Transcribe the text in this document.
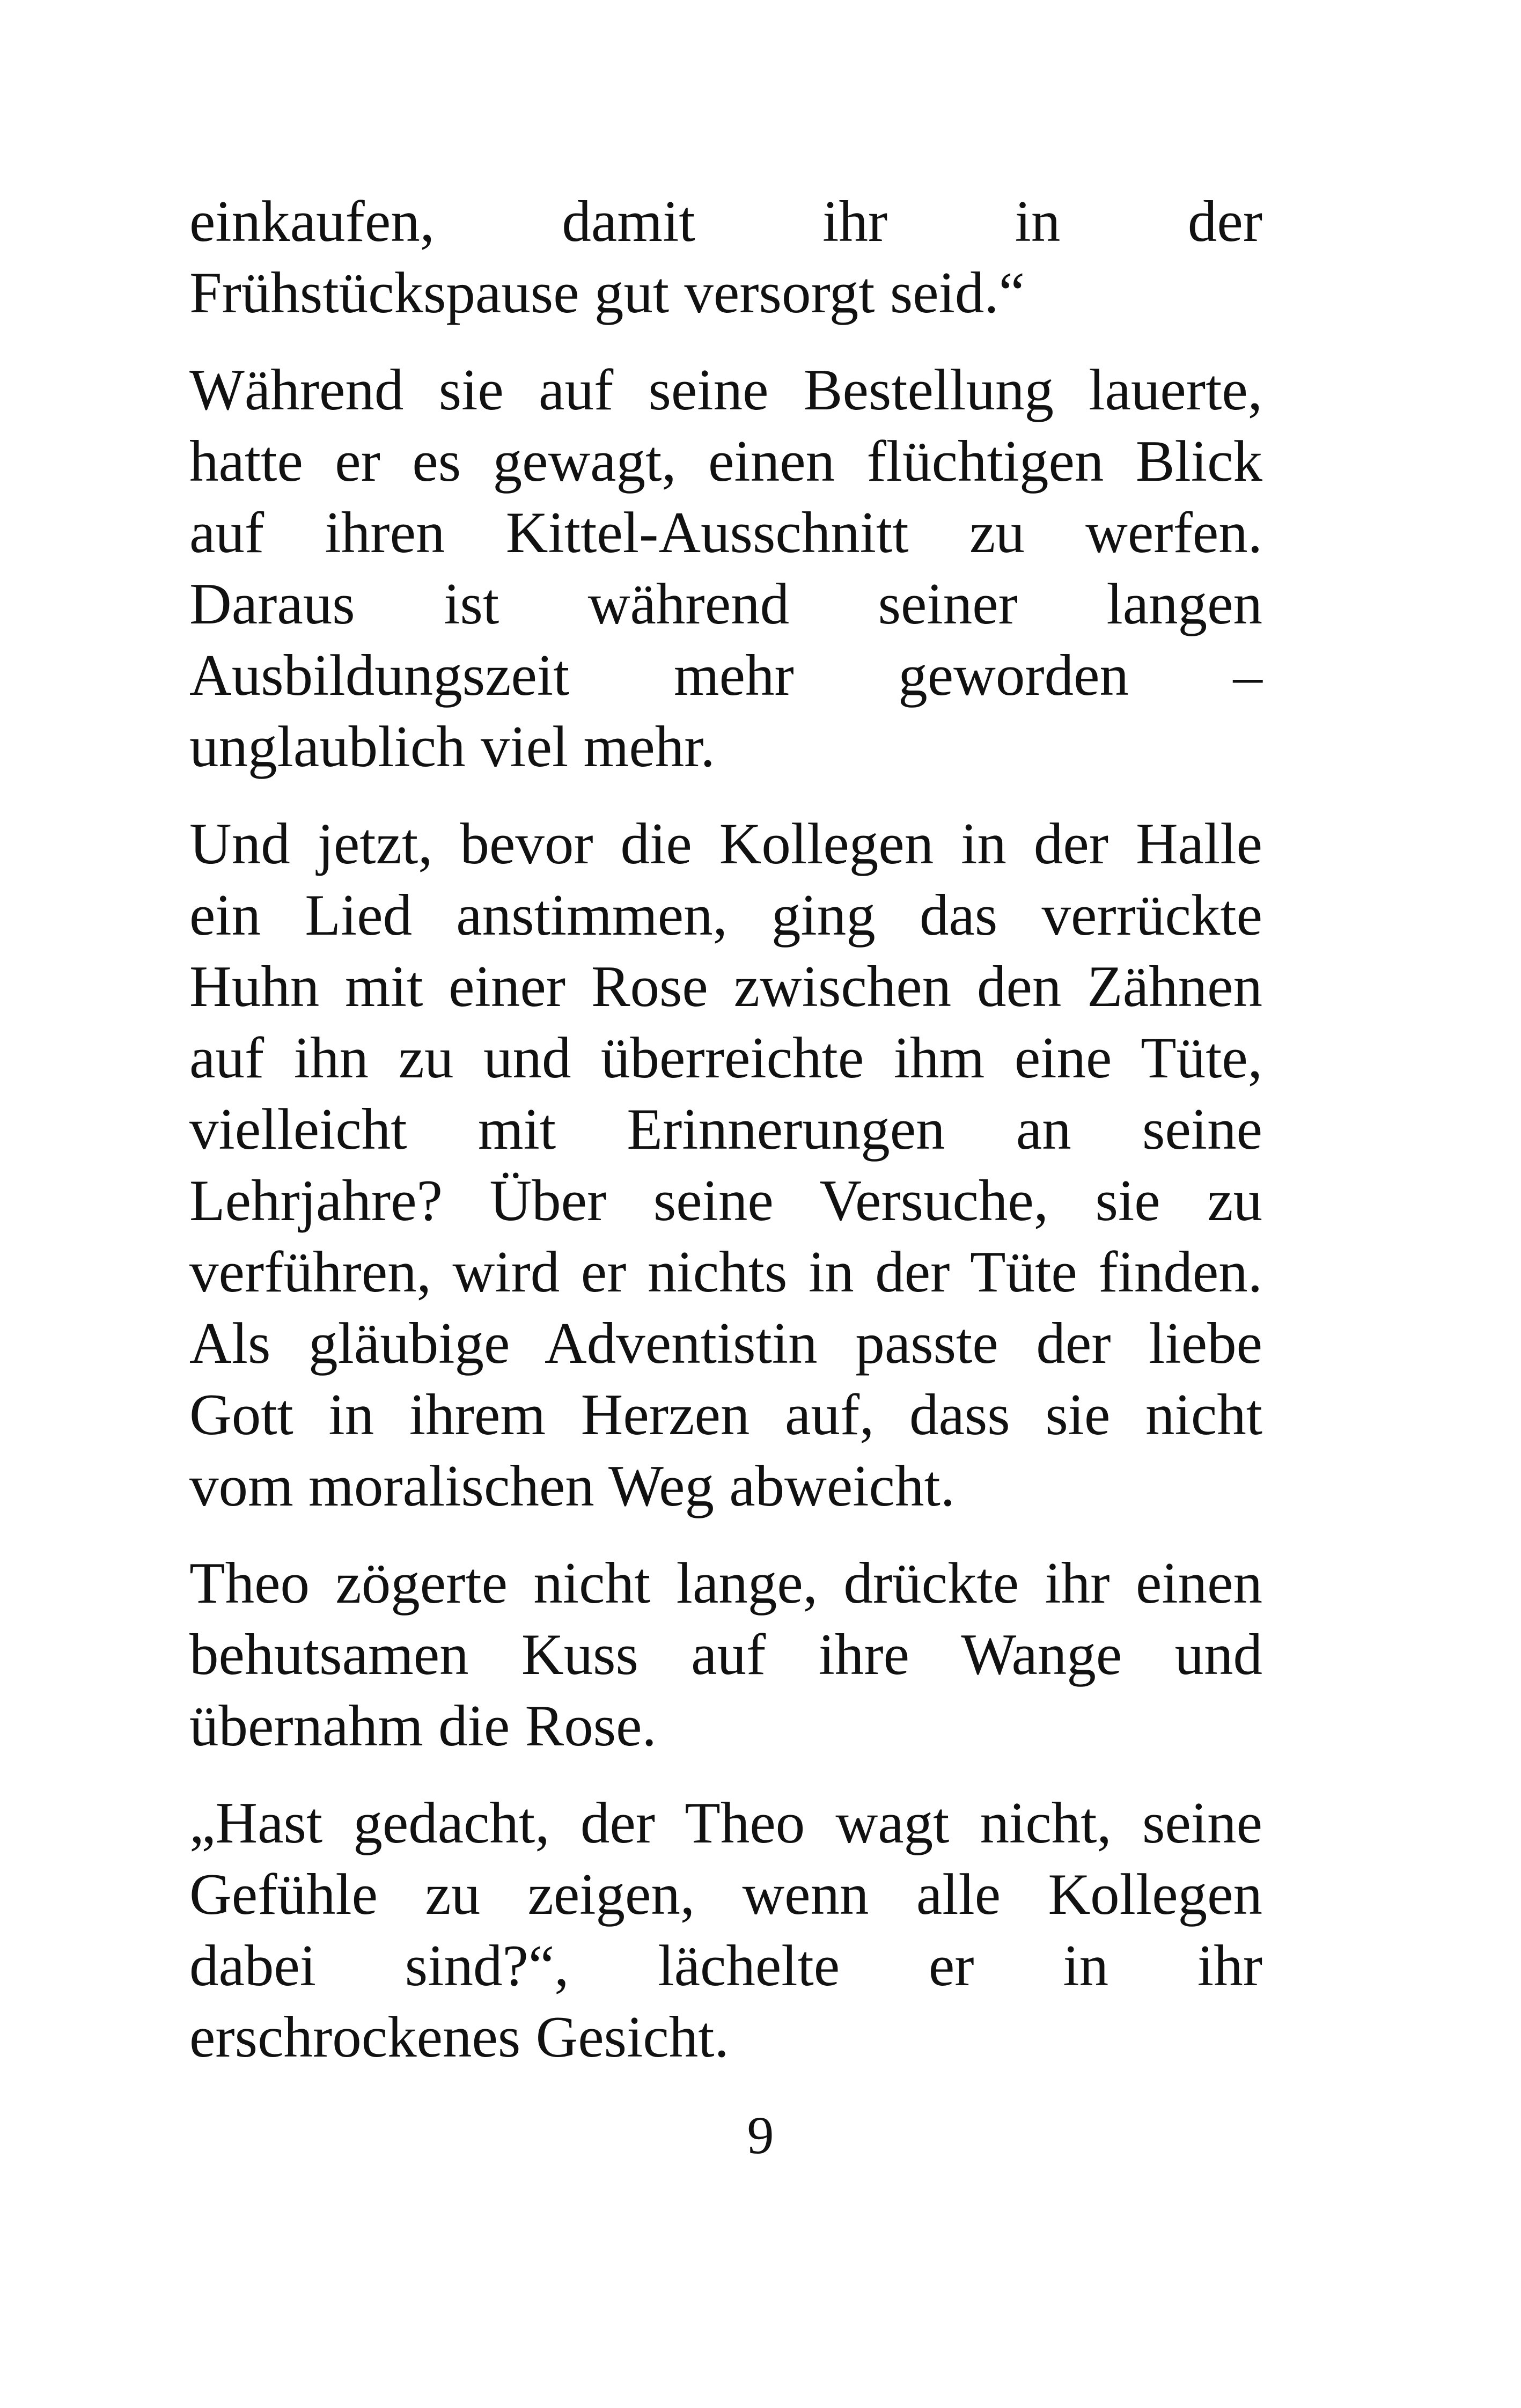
einkaufen, damit ihr in der
Frühstückspause gut versorgt seid.“

Während sie auf seine Bestellung lauerte,
hatte er es gewagt, einen flüchtigen Blick
auf ihren Kittel-Ausschnitt zu werfen.
Daraus ist während seiner langen
Ausbildungszeit mehr geworden –
unglaublich viel mehr.

Und jetzt, bevor die Kollegen in der Halle
ein Lied anstimmen, ging das verrückte
Huhn mit einer Rose zwischen den Zähnen
auf ihn zu und überreichte ihm eine Tüte,
vielleicht mit Erinnerungen an seine
Lehrjahre? Über seine Versuche, sie zu
verführen, wird er nichts in der Tüte finden.
Als gläubige Adventistin passte der liebe
Gott in ihrem Herzen auf, dass sie nicht
vom moralischen Weg abweicht.

Theo zögerte nicht lange, drückte ihr einen
behutsamen Kuss auf ihre Wange und
übernahm die Rose.

„Hast gedacht, der Theo wagt nicht, seine
Gefühle zu zeigen, wenn alle Kollegen
dabei sind?“, lächelte er in ihr
erschrockenes Gesicht.

9
